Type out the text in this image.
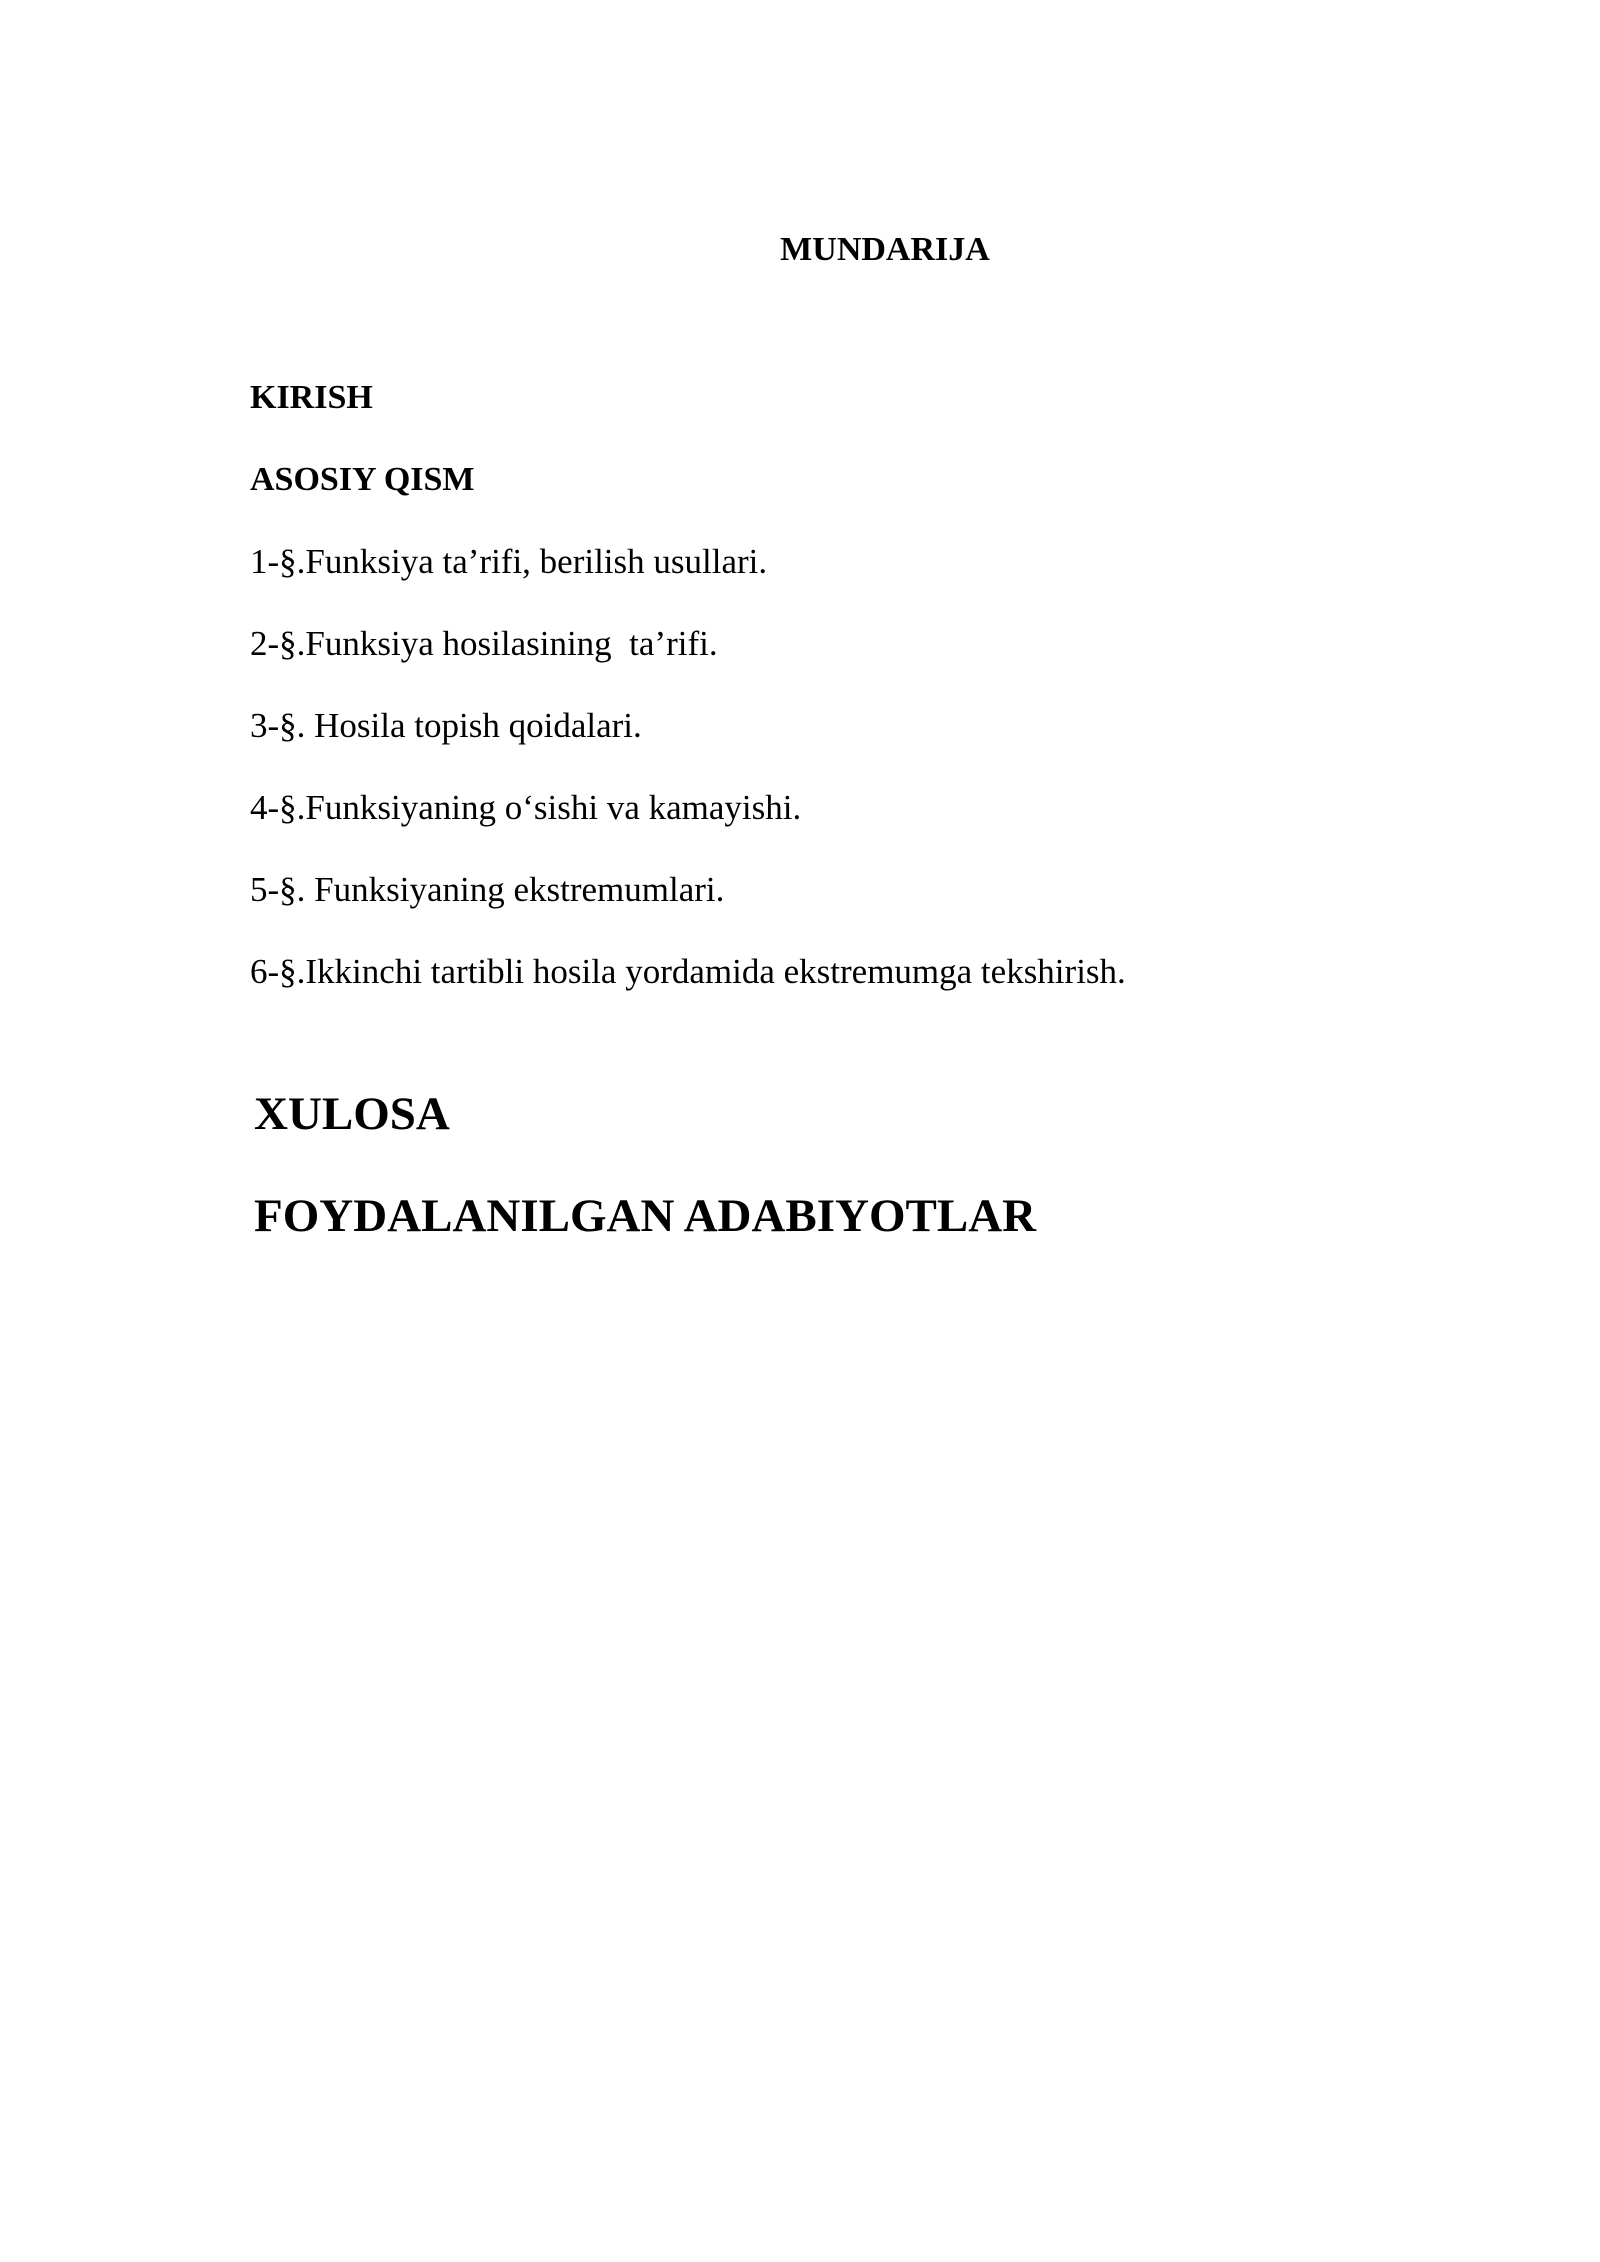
MUNDARIJA
KIRISH
ASOSIY QISM
1-§.Funksiya ta’rifi, berilish usullari.
2-§.Funksiya hosilasining  ta’rifi.
3-§. Hosila topish qoidalari.
4-§.Funksiyaning o‘sishi va kamayishi.
5-§. Funksiyaning ekstremumlari.
6-§.Ikkinchi tartibli hosila yordamida ekstremumga tekshirish.
XULOSA
FOYDALANILGAN ADABIYOTLAR
